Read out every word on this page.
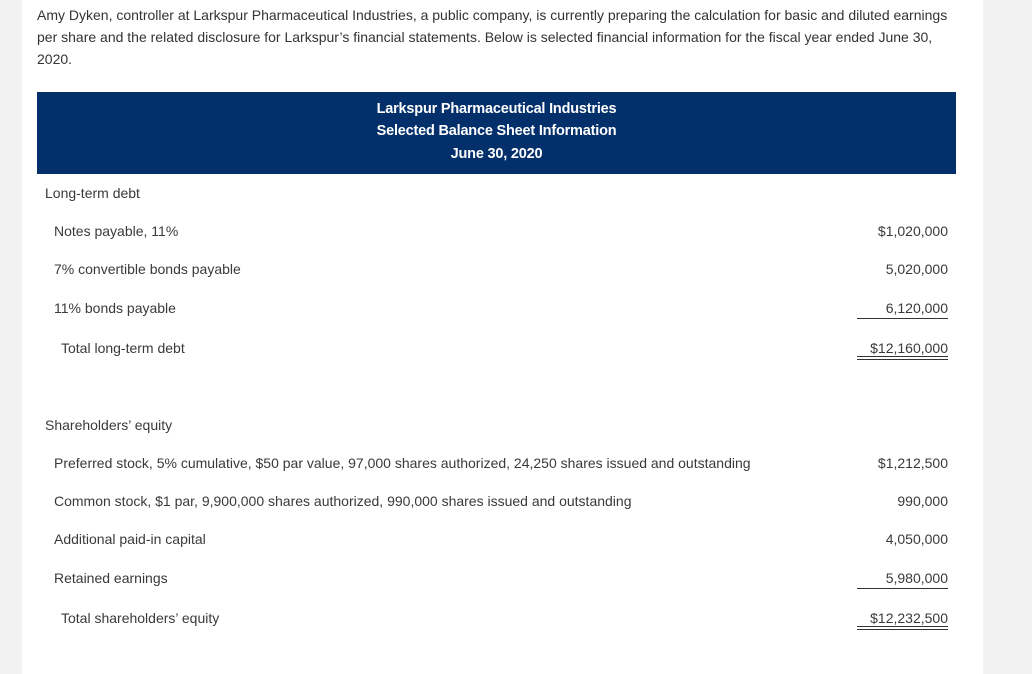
Amy Dyken, controller at Larkspur Pharmaceutical Industries, a public company, is currently preparing the calculation for basic and diluted earnings per share and the related disclosure for Larkspur’s financial statements. Below is selected financial information for the fiscal year ended June 30, 2020.
Larkspur Pharmaceutical Industries
Selected Balance Sheet Information
June 30, 2020
Long-term debt
Notes payable, 11%	$1,020,000
7% convertible bonds payable	5,020,000
11% bonds payable	6,120,000
Total long-term debt	$12,160,000
Shareholders’ equity
Preferred stock, 5% cumulative, $50 par value, 97,000 shares authorized, 24,250 shares issued and outstanding	$1,212,500
Common stock, $1 par, 9,900,000 shares authorized, 990,000 shares issued and outstanding	990,000
Additional paid-in capital	4,050,000
Retained earnings	5,980,000
Total shareholders’ equity	$12,232,500
